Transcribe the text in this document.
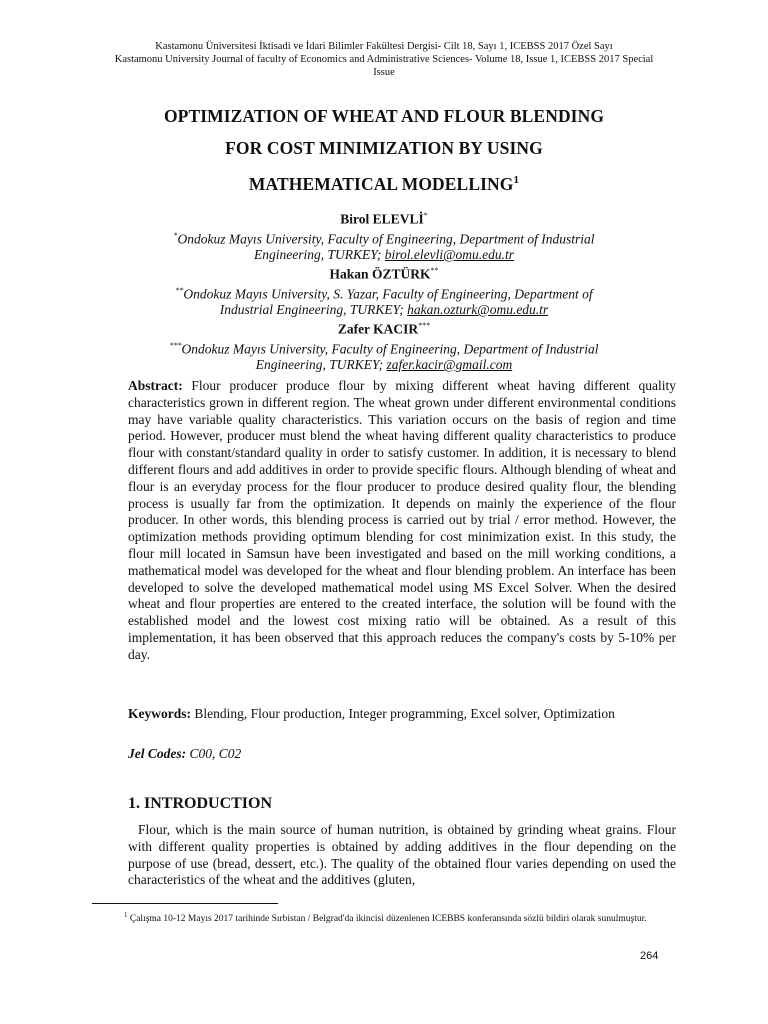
Kastamonu Üniversitesi İktisadi ve İdari Bilimler Fakültesi Dergisi- Cilt 18, Sayı 1, ICEBSS 2017 Özel Sayı
Kastamonu University Journal of faculty of Economics and Administrative Sciences- Volume 18, Issue 1, ICEBSS 2017 Special Issue
OPTIMIZATION OF WHEAT AND FLOUR BLENDING
FOR COST MINIMIZATION BY USING
MATHEMATICAL MODELLING$^1$
Birol ELEVLİ*
*Ondokuz Mayıs University, Faculty of Engineering, Department of Industrial
Engineering, TURKEY; birol.elevli@omu.edu.tr
Hakan ÖZTÜRK**
**Ondokuz Mayıs University, S. Yazar, Faculty of Engineering, Department of
Industrial Engineering, TURKEY; hakan.ozturk@omu.edu.tr
Zafer KACIR***
***Ondokuz Mayıs University, Faculty of Engineering, Department of Industrial
Engineering, TURKEY; zafer.kacir@gmail.com
Abstract: Flour producer produce flour by mixing different wheat having different quality characteristics grown in different region. The wheat grown under different environmental conditions may have variable quality characteristics. This variation occurs on the basis of region and time period. However, producer must blend the wheat having different quality characteristics to produce flour with constant/standard quality in order to satisfy customer. In addition, it is necessary to blend different flours and add additives in order to provide specific flours. Although blending of wheat and flour is an everyday process for the flour producer to produce desired quality flour, the blending process is usually far from the optimization. It depends on mainly the experience of the flour producer. In other words, this blending process is carried out by trial / error method. However, the optimization methods providing optimum blending for cost minimization exist. In this study, the flour mill located in Samsun have been investigated and based on the mill working conditions, a mathematical model was developed for the wheat and flour blending problem. An interface has been developed to solve the developed mathematical model using MS Excel Solver. When the desired wheat and flour properties are entered to the created interface, the solution will be found with the established model and the lowest cost mixing ratio will be obtained. As a result of this implementation, it has been observed that this approach reduces the company's costs by 5-10% per day.
Keywords: Blending, Flour production, Integer programming, Excel solver, Optimization
Jel Codes: C00, C02
1. INTRODUCTION
Flour, which is the main source of human nutrition, is obtained by grinding wheat grains. Flour with different quality properties is obtained by adding additives in the flour depending on the purpose of use (bread, dessert, etc.). The quality of the obtained flour varies depending on used the characteristics of the wheat and the additives (gluten,
$^1$ Çalışma 10-12 Mayıs 2017 tarihinde Sırbistan / Belgrad'da ikincisi düzenlenen ICEBBS konferansında sözlü bildiri olarak sunulmuştur.
264
